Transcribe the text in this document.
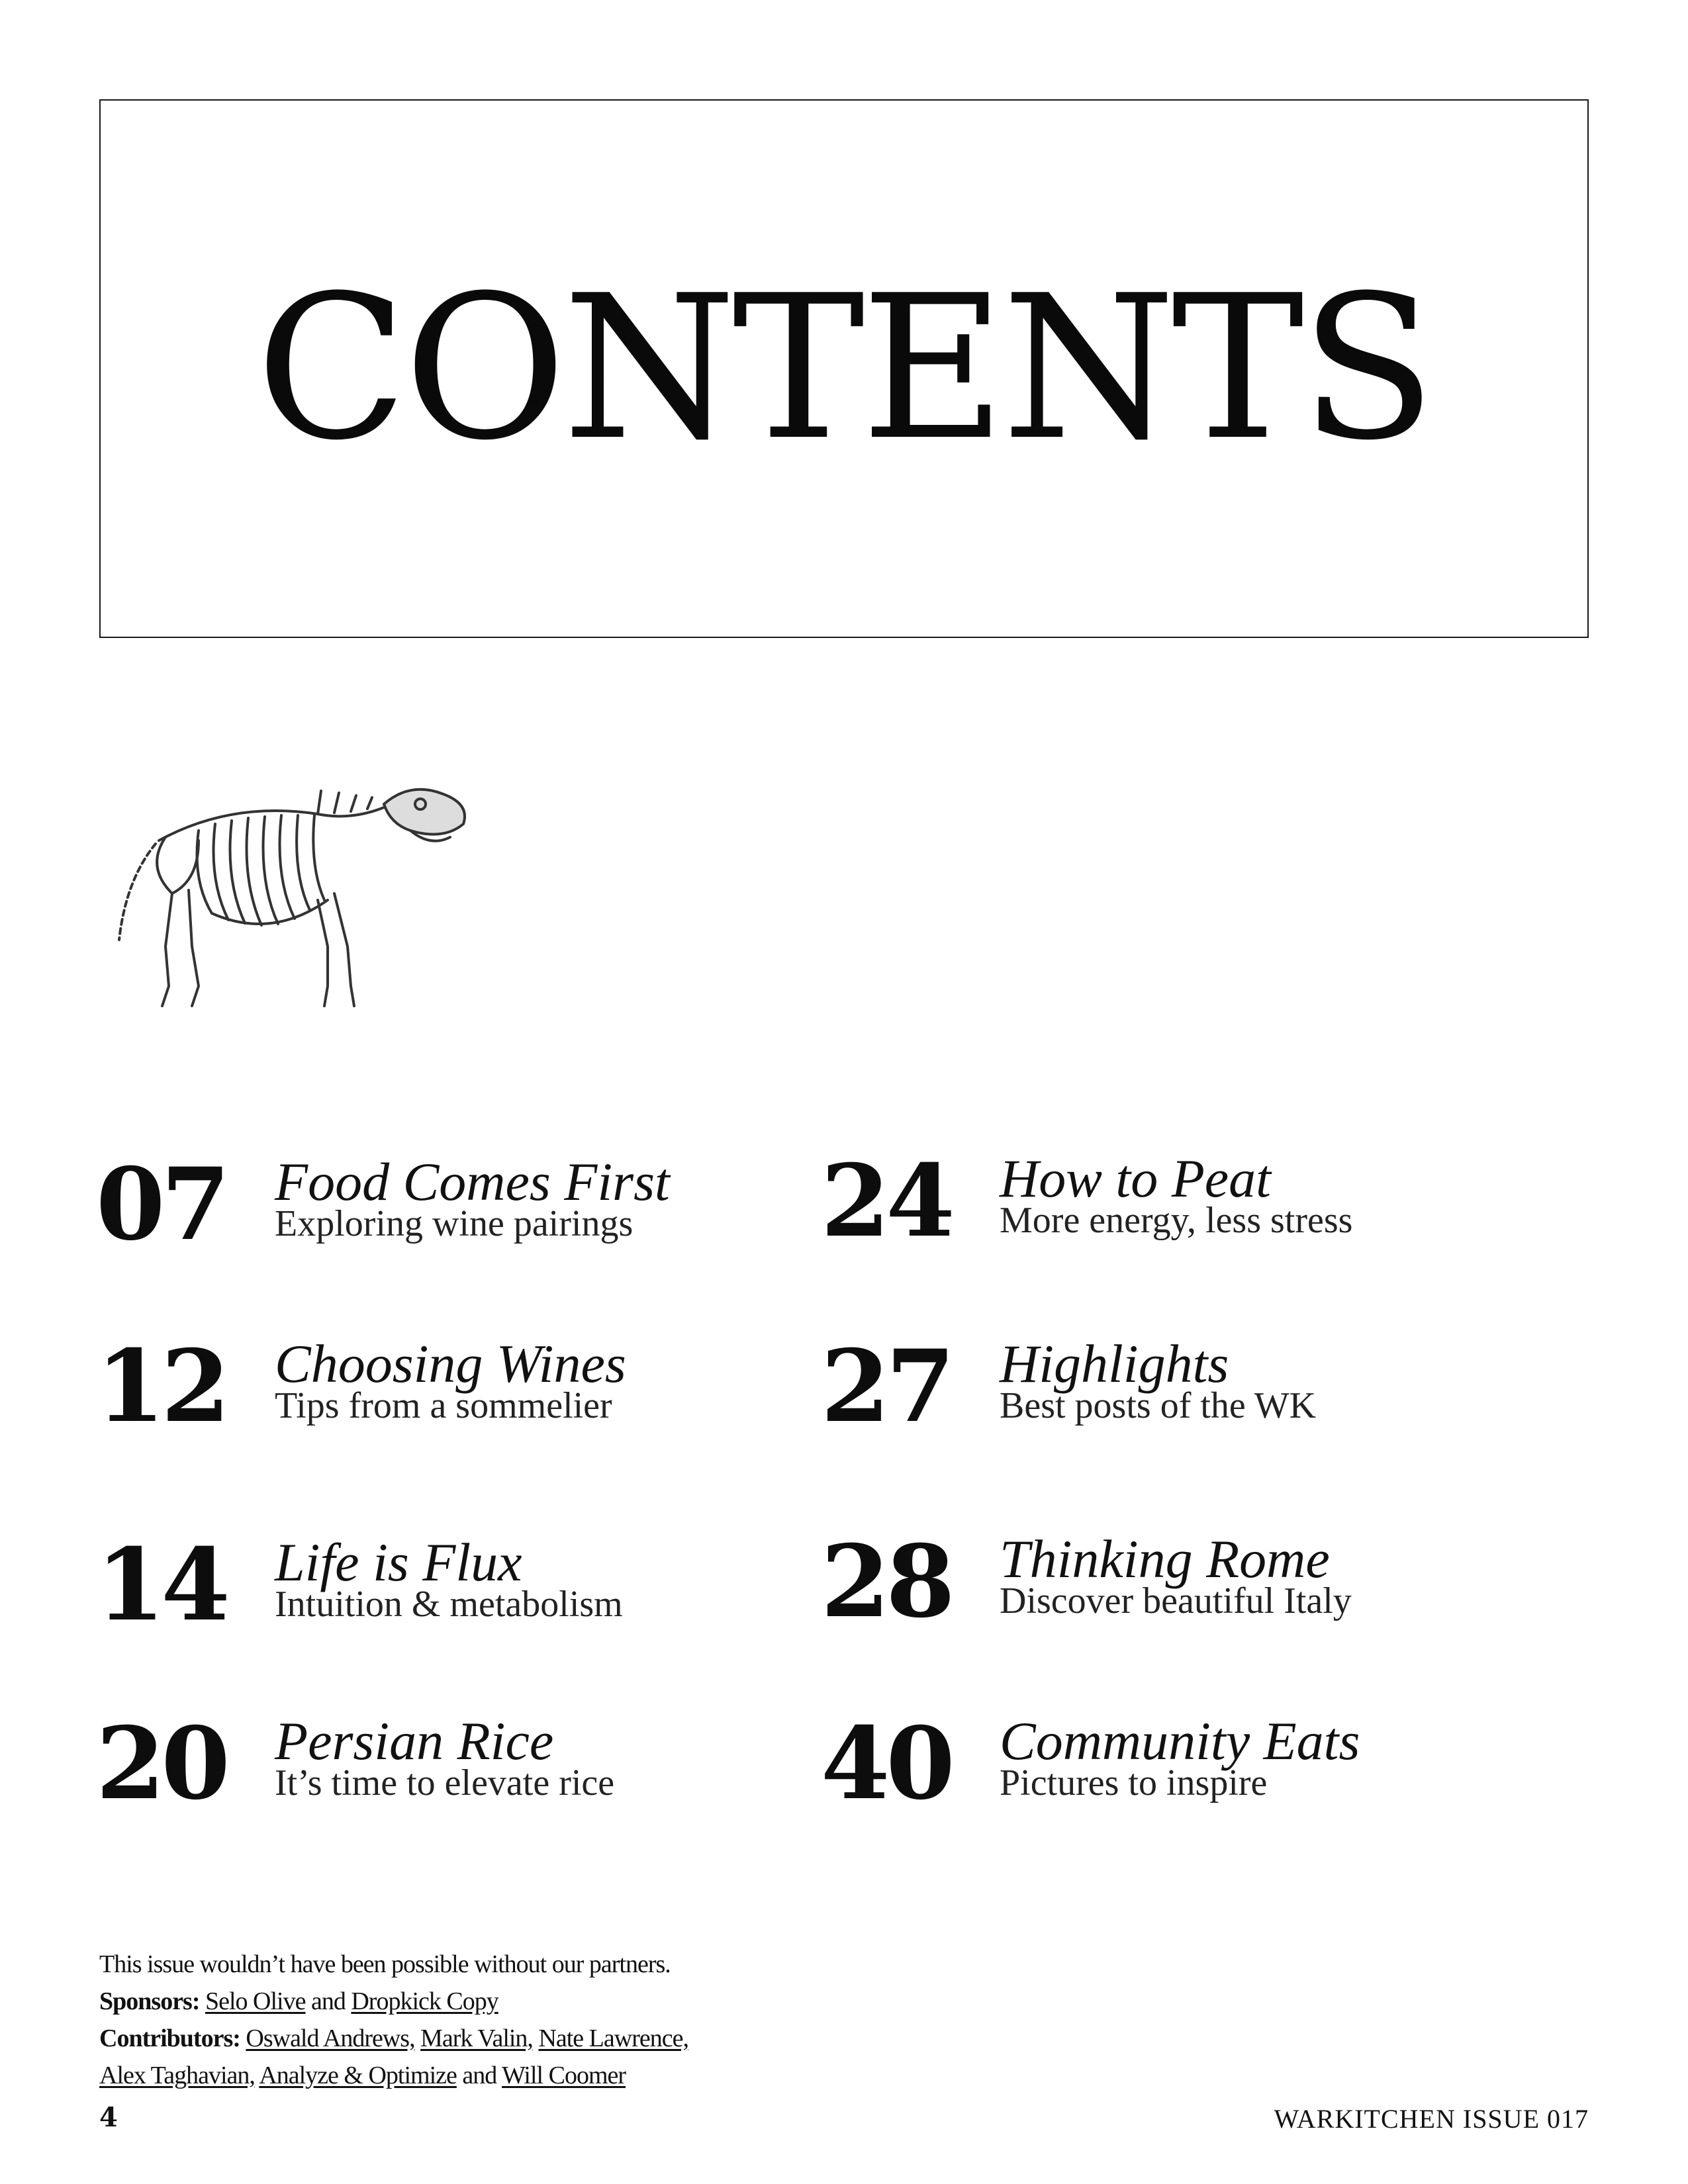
CONTENTS
07 Food Comes First
Exploring wine pairings
12 Choosing Wines
Tips from a sommelier
14 Life is Flux
Intuition & metabolism
20 Persian Rice
It’s time to elevate rice
24 How to Peat
More energy, less stress
27 Highlights
Best posts of the WK
28 Thinking Rome
Discover beautiful Italy
40 Community Eats
Pictures to inspire
This issue wouldn’t have been possible without our partners.
Sponsors: Selo Olive and Dropkick Copy
Contributors: Oswald Andrews, Mark Valin, Nate Lawrence,
Alex Taghavian, Analyze & Optimize and Will Coomer
4	WARKITCHEN ISSUE 017
